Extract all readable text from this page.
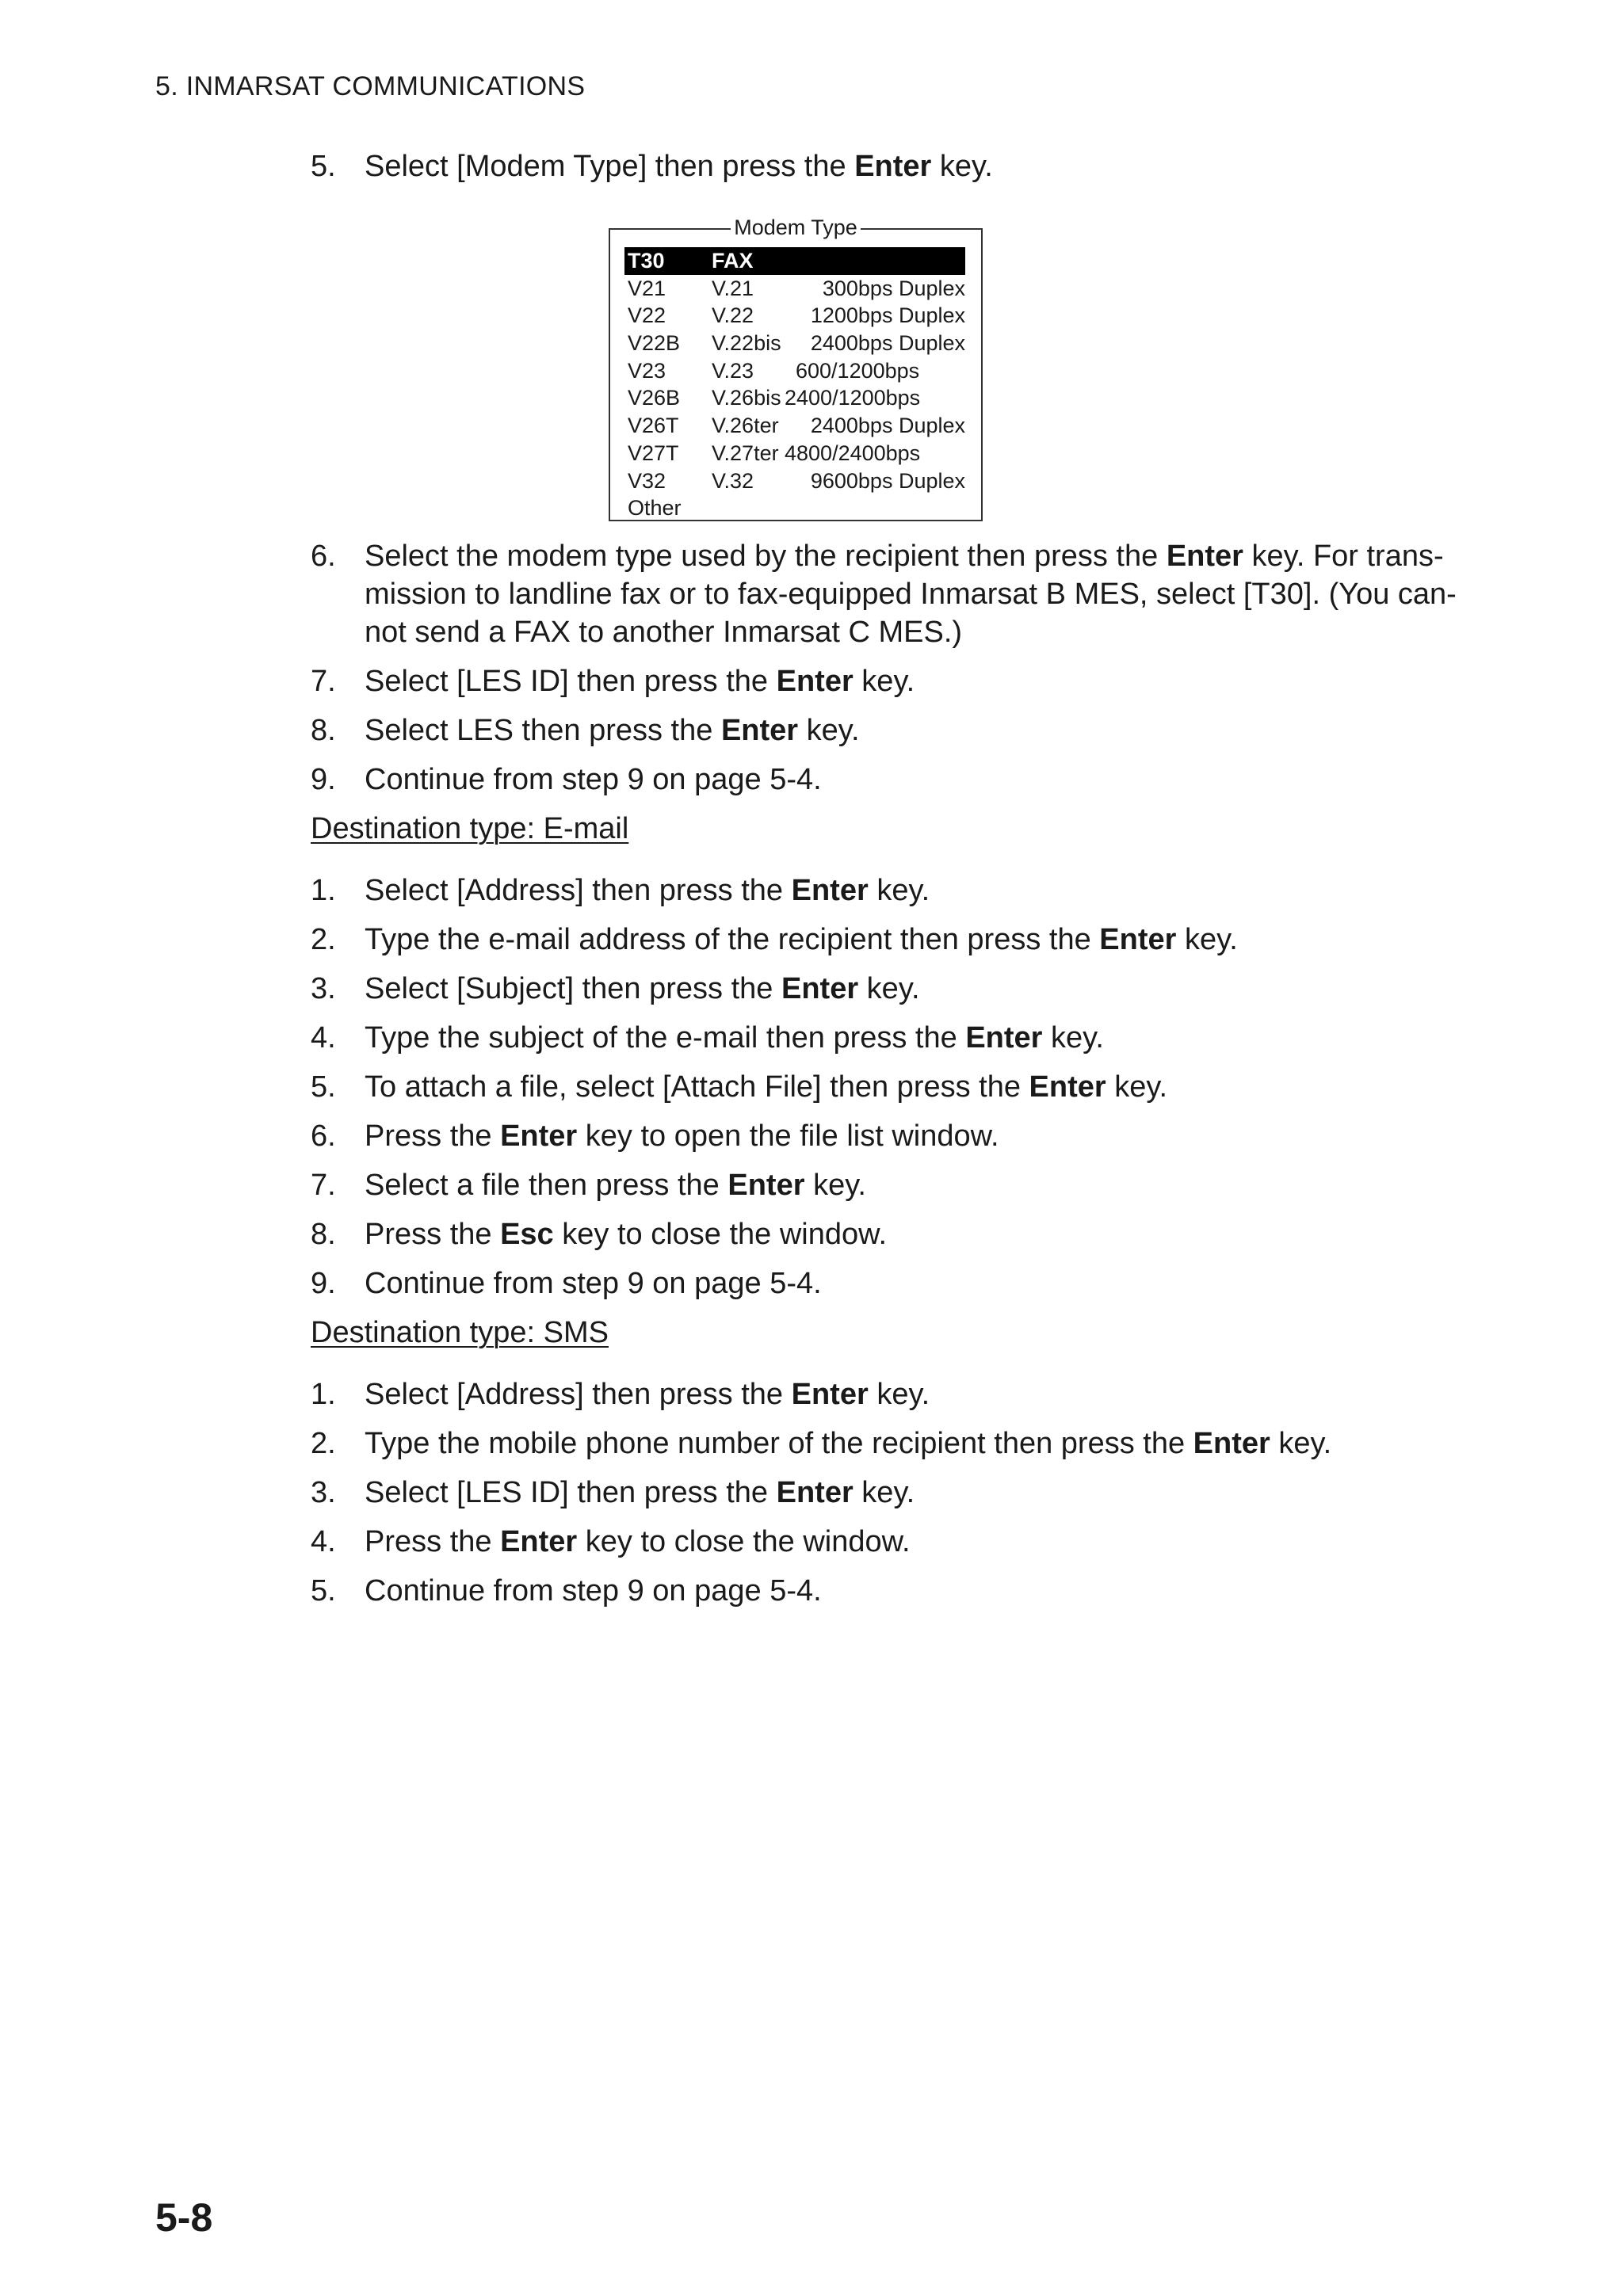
5. INMARSAT COMMUNICATIONS
5. Select [Modem Type] then press the Enter key.
Modem Type
T30 FAX
V21 V.21	300bps Duplex
V22 V.22	1200bps Duplex
V22B V.22bis	2400bps Duplex
V23 V.23	600/1200bps
V26B V.26bis 2400/1200bps
V26T V.26ter	2400bps Duplex
V27T V.27ter 4800/2400bps
V32 V.32	9600bps Duplex
Other
6. Select the modem type used by the recipient then press the Enter key. For trans-
mission to landline fax or to fax-equipped Inmarsat B MES, select [T30]. (You can-
not send a FAX to another Inmarsat C MES.)
7. Select [LES ID] then press the Enter key.
8. Select LES then press the Enter key.
9. Continue from step 9 on page 5-4.
Destination type: E-mail
1. Select [Address] then press the Enter key.
2. Type the e-mail address of the recipient then press the Enter key.
3. Select [Subject] then press the Enter key.
4. Type the subject of the e-mail then press the Enter key.
5. To attach a file, select [Attach File] then press the Enter key.
6. Press the Enter key to open the file list window.
7. Select a file then press the Enter key.
8. Press the Esc key to close the window.
9. Continue from step 9 on page 5-4.
Destination type: SMS
1. Select [Address] then press the Enter key.
2. Type the mobile phone number of the recipient then press the Enter key.
3. Select [LES ID] then press the Enter key.
4. Press the Enter key to close the window.
5. Continue from step 9 on page 5-4.
5-8
